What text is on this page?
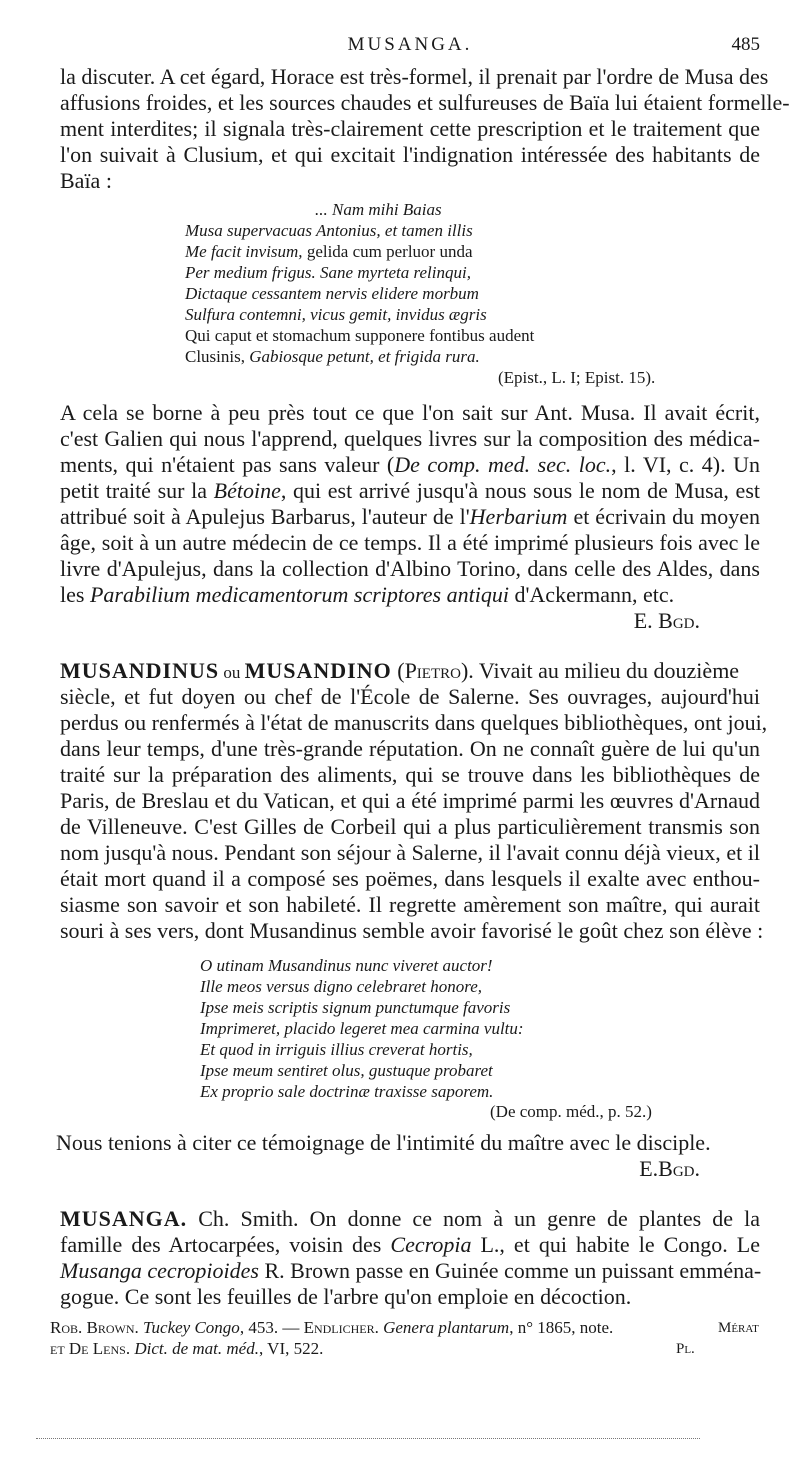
MUSANGA.	485
la discuter. A cet égard, Horace est très-formel, il prenait par l'ordre de Musa des
affusions froides, et les sources chaudes et sulfureuses de Baïa lui étaient formelle-
ment interdites; il signala très-clairement cette prescription et le traitement que
l'on suivait à Clusium, et qui excitait l'indignation intéressée des habitants de
Baïa :
... Nam mihi Baias
Musa supervacuas Antonius, et tamen illis
Me facit invisum, gelida cum perluor unda
Per medium frigus. Sane myrteta relinqui,
Dictaque cessantem nervis elidere morbum
Sulfura contemni, vicus gemit, invidus ægris
Qui caput et stomachum supponere fontibus audent
Clusinis, Gabiosque petunt, et frigida rura.
(Epist., L. I; Epist. 15).
A cela se borne à peu près tout ce que l'on sait sur Ant. Musa. Il avait écrit,
c'est Galien qui nous l'apprend, quelques livres sur la composition des médica-
ments, qui n'étaient pas sans valeur (De comp. med. sec. loc., l. VI, c. 4). Un
petit traité sur la Bétoine, qui est arrivé jusqu'à nous sous le nom de Musa, est
attribué soit à Apulejus Barbarus, l'auteur de l'Herbarium et écrivain du moyen
âge, soit à un autre médecin de ce temps. Il a été imprimé plusieurs fois avec le
livre d'Apulejus, dans la collection d'Albino Torino, dans celle des Aldes, dans
les Parabilium medicamentorum scriptores antiqui d'Ackermann, etc.
E. Bgd.
MUSANDINUS ou MUSANDINO (Pietro). Vivait au milieu du douzième
siècle, et fut doyen ou chef de l'École de Salerne. Ses ouvrages, aujourd'hui
perdus ou renfermés à l'état de manuscrits dans quelques bibliothèques, ont joui,
dans leur temps, d'une très-grande réputation. On ne connaît guère de lui qu'un
traité sur la préparation des aliments, qui se trouve dans les bibliothèques de
Paris, de Breslau et du Vatican, et qui a été imprimé parmi les œuvres d'Arnaud
de Villeneuve. C'est Gilles de Corbeil qui a plus particulièrement transmis son
nom jusqu'à nous. Pendant son séjour à Salerne, il l'avait connu déjà vieux, et il
était mort quand il a composé ses poëmes, dans lesquels il exalte avec enthou-
siasme son savoir et son habileté. Il regrette amèrement son maître, qui aurait
souri à ses vers, dont Musandinus semble avoir favorisé le goût chez son élève :
O utinam Musandinus nunc viveret auctor!
Ille meos versus digno celebraret honore,
Ipse meis scriptis signum punctumque favoris
Imprimeret, placido legeret mea carmina vultu:
Et quod in irriguis illius creverat hortis,
Ipse meum sentiret olus, gustuque probaret
Ex proprio sale doctrinæ traxisse saporem.
(De comp. méd., p. 52.)
Nous tenions à citer ce témoignage de l'intimité du maître avec le disciple.
E.Bgd.
MUSANGA. Ch. Smith. On donne ce nom à un genre de plantes de la
famille des Artocarpées, voisin des Cecropia L., et qui habite le Congo. Le
Musanga cecropioides R. Brown passe en Guinée comme un puissant emména-
gogue. Ce sont les feuilles de l'arbre qu'on emploie en décoction.
Rob. Brown. Tuckey Congo, 453. — Endlicher. Genera plantarum, n° 1865, note.	Mérat
et De Lens. Dict. de mat. méd., VI, 522.	Pl.
